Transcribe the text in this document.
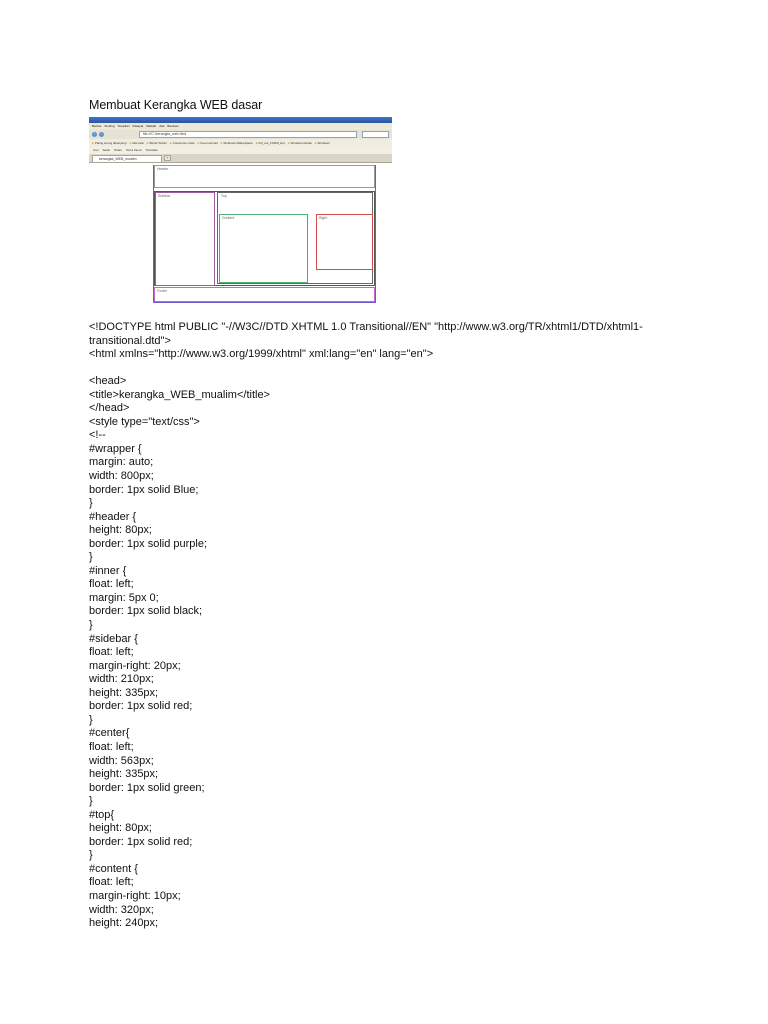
Membuat Kerangka WEB dasar
Berkas Sunting Tampilan Riwayat Markah Alat Bantuan
<	>	file:///C:/kerangka_web.html
■ Paling sering dikunjungi ■ Memulai ■ Berita Terkini ■ Customize Links ■ Free Hotmail ■ Windows Marketplace ■ Fill_out_FORM_Ext ■ Windows Media ■ Windows
Cari Sukai Share Tell a friend Translate
kerangka_WEB_mualim	+
Header
Sidebar	Top
Content	Right
Footer
<!DOCTYPE html PUBLIC "-//W3C//DTD XHTML 1.0 Transitional//EN" "http://www.w3.org/TR/xhtml1/DTD/xhtml1-
transitional.dtd">
<html xmlns="http://www.w3.org/1999/xhtml" xml:lang="en" lang="en">
<head>
<title>kerangka_WEB_mualim</title>
</head>
<style type="text/css">
<!--
#wrapper {
margin: auto;
width: 800px;
border: 1px solid Blue;
}
#header {
height: 80px;
border: 1px solid purple;
}
#inner {
float: left;
margin: 5px 0;
border: 1px solid black;
}
#sidebar {
float: left;
margin-right: 20px;
width: 210px;
height: 335px;
border: 1px solid red;
}
#center{
float: left;
width: 563px;
height: 335px;
border: 1px solid green;
}
#top{
height: 80px;
border: 1px solid red;
}
#content {
float: left;
margin-right: 10px;
width: 320px;
height: 240px;
